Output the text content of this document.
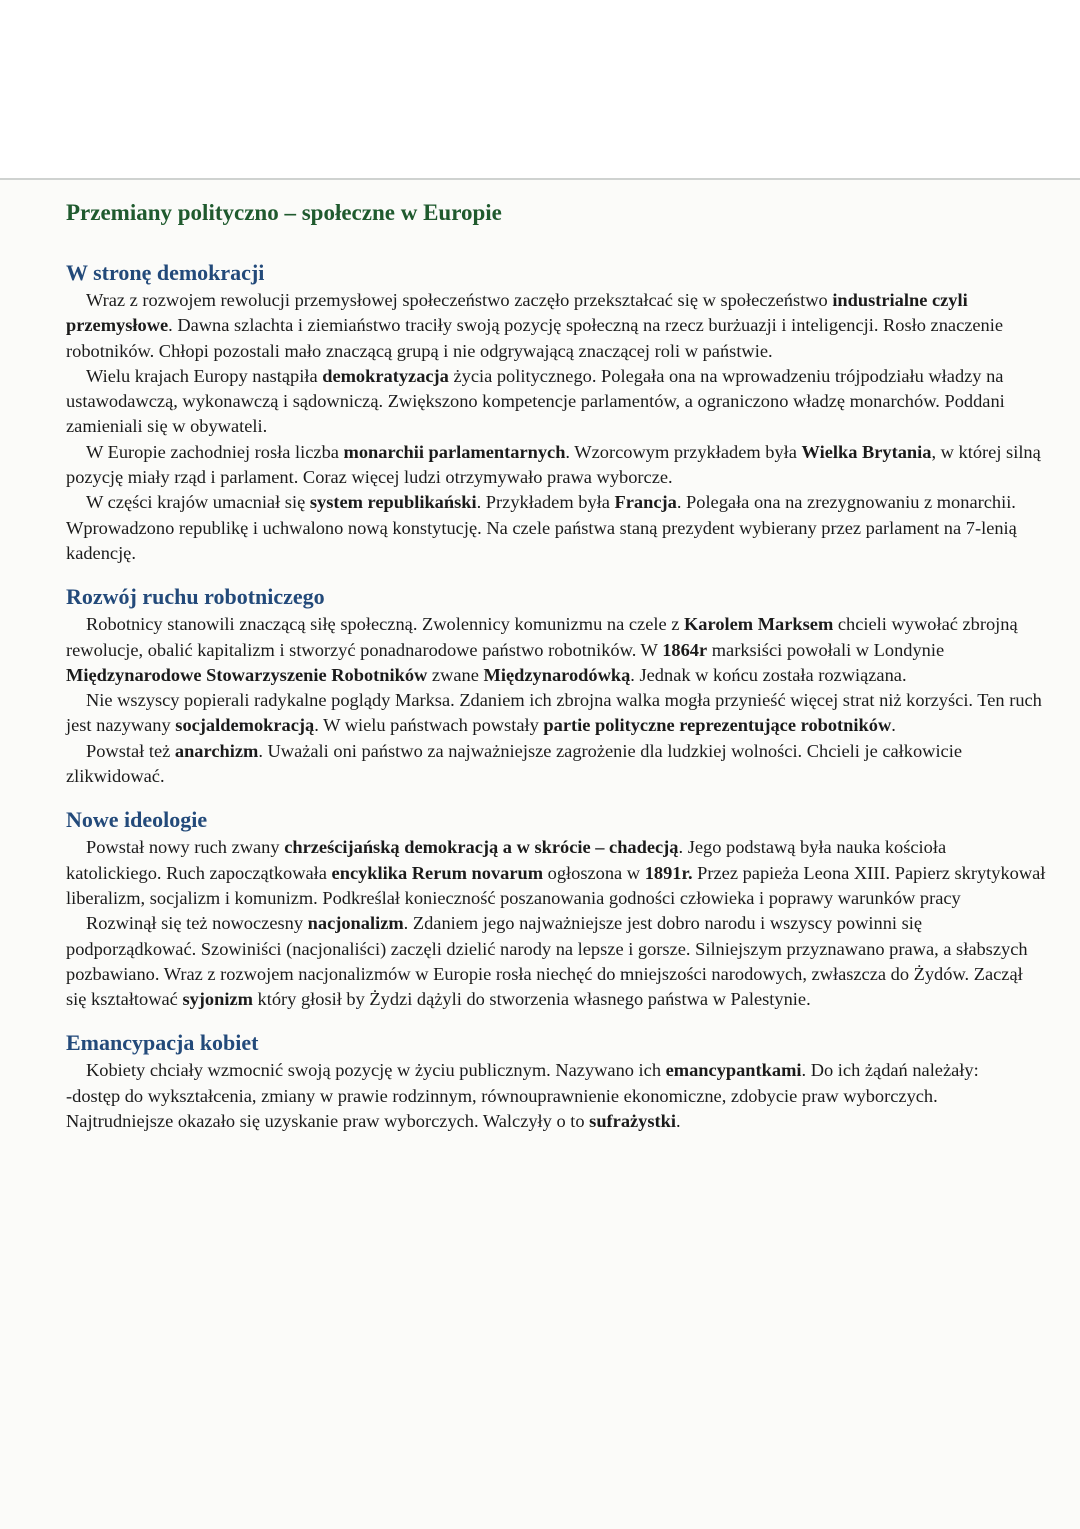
Przemiany polityczno – społeczne w Europie
W stronę demokracji

Wraz z rozwojem rewolucji przemysłowej społeczeństwo zaczęło przekształcać się w społeczeństwo industrialne czyli przemysłowe. Dawna szlachta i ziemiaństwo traciły swoją pozycję społeczną na rzecz burżuazji i inteligencji. Rosło znaczenie robotników. Chłopi pozostali mało znaczącą grupą i nie odgrywającą znaczącej roli w państwie.

Wielu krajach Europy nastąpiła demokratyzacja życia politycznego. Polegała ona na wprowadzeniu trójpodziału władzy na ustawodawczą, wykonawczą i sądowniczą. Zwiększono kompetencje parlamentów, a ograniczono władzę monarchów. Poddani zamieniali się w obywateli.

W Europie zachodniej rosła liczba monarchii parlamentarnych. Wzorcowym przykładem była Wielka Brytania, w której silną pozycję miały rząd i parlament. Coraz więcej ludzi otrzymywało prawa wyborcze.

W części krajów umacniał się system republikański. Przykładem była Francja. Polegała ona na zrezygnowaniu z monarchii. Wprowadzono republikę i uchwalono nową konstytucję. Na czele państwa staną prezydent wybierany przez parlament na 7-lenią kadencję.

Rozwój ruchu robotniczego

Robotnicy stanowili znaczącą siłę społeczną. Zwolennicy komunizmu na czele z Karolem Marksem chcieli wywołać zbrojną rewolucje, obalić kapitalizm i stworzyć ponadnarodowe państwo robotników. W 1864r marksiści powołali w Londynie Międzynarodowe Stowarzyszenie Robotników zwane Międzynarodówką. Jednak w końcu została rozwiązana.

Nie wszyscy popierali radykalne poglądy Marksa. Zdaniem ich zbrojna walka mogła przynieść więcej strat niż korzyści. Ten ruch jest nazywany socjaldemokracją. W wielu państwach powstały partie polityczne reprezentujące robotników.

Powstał też anarchizm. Uważali oni państwo za najważniejsze zagrożenie dla ludzkiej wolności. Chcieli je całkowicie zlikwidować.

Nowe ideologie

Powstał nowy ruch zwany chrześcijańską demokracją a w skrócie – chadecją. Jego podstawą była nauka kościoła katolickiego. Ruch zapoczątkowała encyklika Rerum novarum ogłoszona w 1891r. Przez papieża Leona XIII. Papierz skrytykował liberalizm, socjalizm i komunizm. Podkreślał konieczność poszanowania godności człowieka i poprawy warunków pracy

Rozwinął się też nowoczesny nacjonalizm. Zdaniem jego najważniejsze jest dobro narodu i wszyscy powinni się podporządkować. Szowiniści (nacjonaliści) zaczęli dzielić narody na lepsze i gorsze. Silniejszym przyznawano prawa, a słabszych pozbawiano. Wraz z rozwojem nacjonalizmów w Europie rosła niechęć do mniejszości narodowych, zwłaszcza do Żydów. Zaczął się kształtować syjonizm który głosił by Żydzi dążyli do stworzenia własnego państwa w Palestynie.

Emancypacja kobiet

Kobiety chciały wzmocnić swoją pozycję w życiu publicznym. Nazywano ich emancypantkami. Do ich żądań należały:

-dostęp do wykształcenia, zmiany w prawie rodzinnym, równouprawnienie ekonomiczne, zdobycie praw wyborczych. Najtrudniejsze okazało się uzyskanie praw wyborczych. Walczyły o to sufrażystki.
